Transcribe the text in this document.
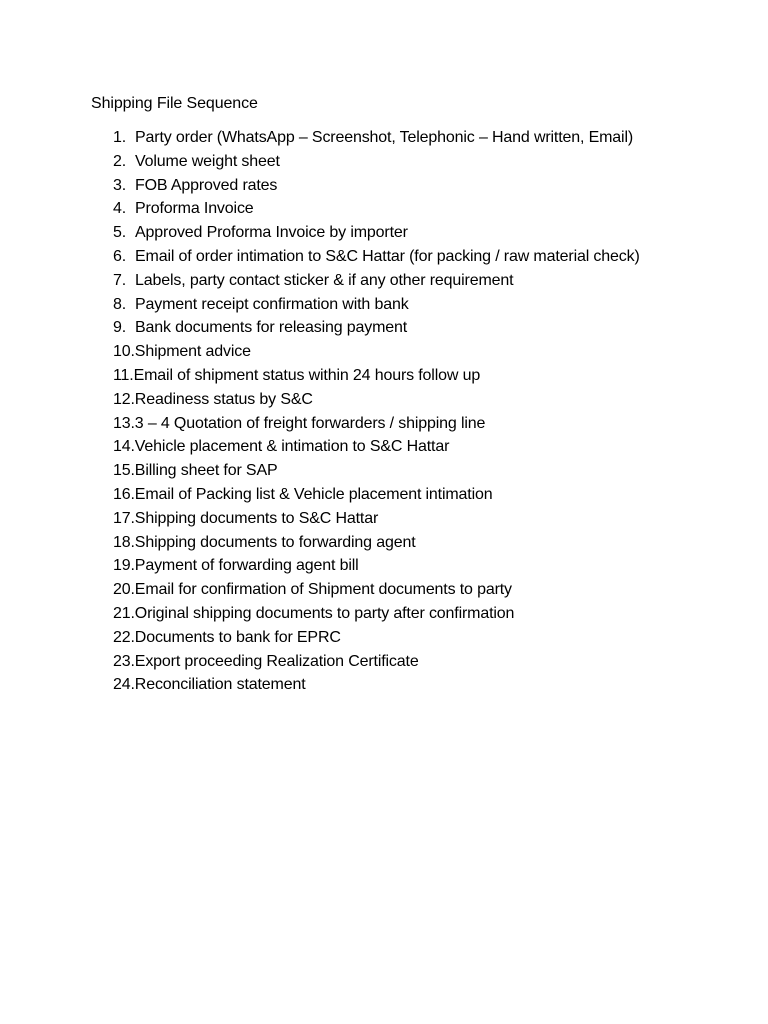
Shipping File Sequence
1. Party order (WhatsApp – Screenshot, Telephonic – Hand written, Email)
2. Volume weight sheet
3. FOB Approved rates
4. Proforma Invoice
5. Approved Proforma Invoice by importer
6. Email of order intimation to S&C Hattar (for packing / raw material check)
7. Labels, party contact sticker & if any other requirement
8. Payment receipt confirmation with bank
9. Bank documents for releasing payment
10. Shipment advice
11. Email of shipment status within 24 hours follow up
12. Readiness status by S&C
13. 3 – 4 Quotation of freight forwarders / shipping line
14. Vehicle placement & intimation to S&C Hattar
15. Billing sheet for SAP
16. Email of Packing list & Vehicle placement intimation
17. Shipping documents to S&C Hattar
18. Shipping documents to forwarding agent
19. Payment of forwarding agent bill
20. Email for confirmation of Shipment documents to party
21. Original shipping documents to party after confirmation
22. Documents to bank for EPRC
23. Export proceeding Realization Certificate
24. Reconciliation statement
